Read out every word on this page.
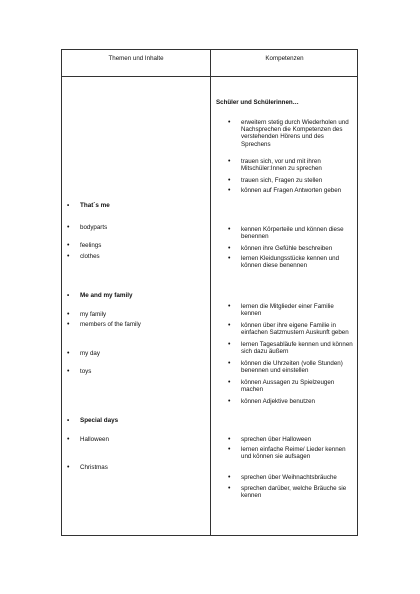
Themen und Inhalte	Kompetenzen
• That´s me
• bodyparts
• feelings
• clothes
• Me and my family
• my family
• members of the family
• my day
• toys
• Special days
• Halloween
• Christmas
Schüler und Schülerinnen…
• erweitern stetig durch Wiederholen und Nachsprechen die Kompetenzen des verstehenden Hörens und des Sprechens
• trauen sich, vor und mit ihren Mitschüler:Innen zu sprechen
• trauen sich, Fragen zu stellen
• können auf Fragen Antworten geben
• kennen Körperteile und können diese benennen
• können ihre Gefühle beschreiben
• lernen Kleidungsstücke kennen und können diese benennen
• lernen die Mitglieder einer Familie kennen
• können über ihre eigene Familie in einfachen Satzmustern Auskunft geben
• lernen Tagesabläufe kennen und können sich dazu äußern
• können die Uhrzeiten (volle Stunden) benennen und einstellen
• können Aussagen zu Spielzeugen machen
• können Adjektive benutzen
• sprechen über Halloween
• lernen einfache Reime/ Lieder kennen und können sie aufsagen
• sprechen über Weihnachtsbräuche
• sprechen darüber, welche Bräuche sie kennen
